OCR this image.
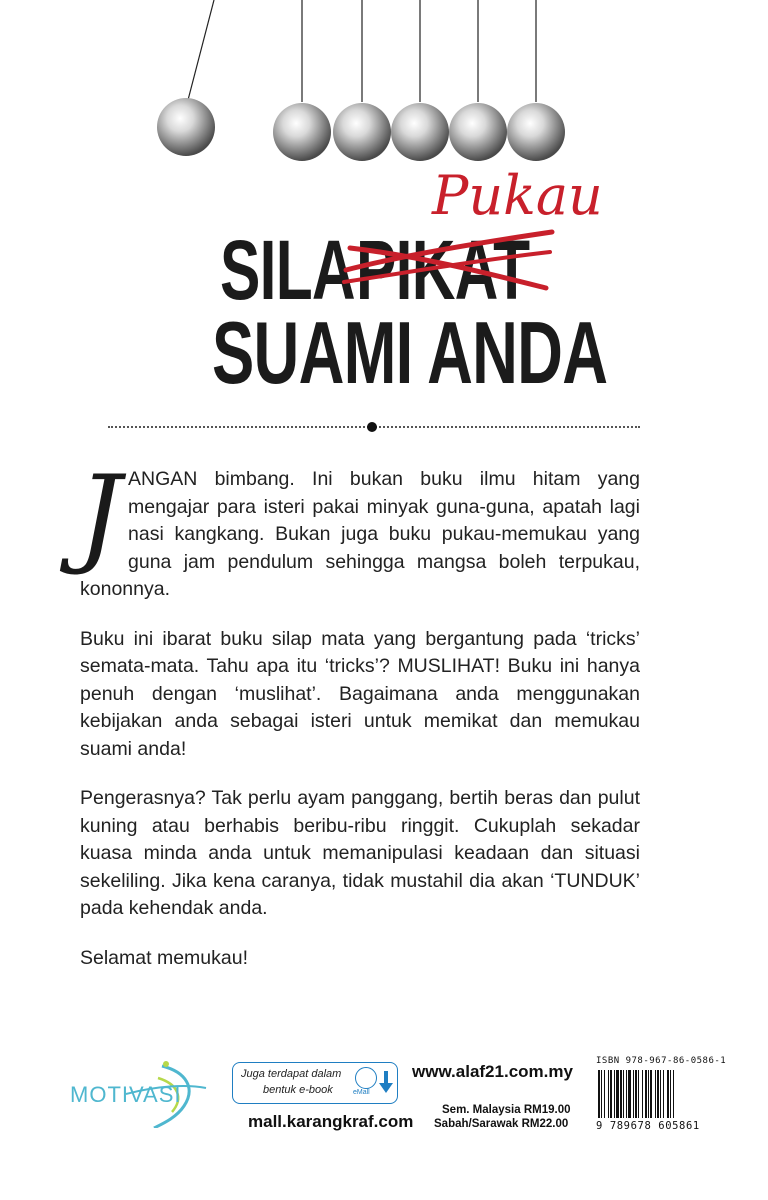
SILA PIKAT
Pukau
SUAMI ANDA

JANGAN bimbang. Ini bukan buku ilmu hitam yang mengajar para isteri pakai minyak guna-guna, apatah lagi nasi kangkang. Bukan juga buku pukau-memukau yang guna jam pendulum sehingga mangsa boleh terpukau, kononnya.

Buku ini ibarat buku silap mata yang bergantung pada ‘tricks’ semata-mata. Tahu apa itu ‘tricks’? MUSLIHAT! Buku ini hanya penuh dengan ‘muslihat’. Bagaimana anda menggunakan kebijakan anda sebagai isteri untuk memikat dan memukau suami anda!

Pengerasnya? Tak perlu ayam panggang, bertih beras dan pulut kuning atau berhabis beribu-ribu ringgit. Cukuplah sekadar kuasa minda anda untuk memanipulasi keadaan dan situasi sekeliling. Jika kena caranya, tidak mustahil dia akan ‘TUNDUK’ pada kehendak anda.

Selamat memukau!

MOTIVASI
Juga terdapat dalam
bentuk e-book	eMall
www.alaf21.com.my
mall.karangkraf.com
Sem. Malaysia RM19.00
Sabah/Sarawak RM22.00
ISBN 978-967-86-0586-1
9 789678 605861
